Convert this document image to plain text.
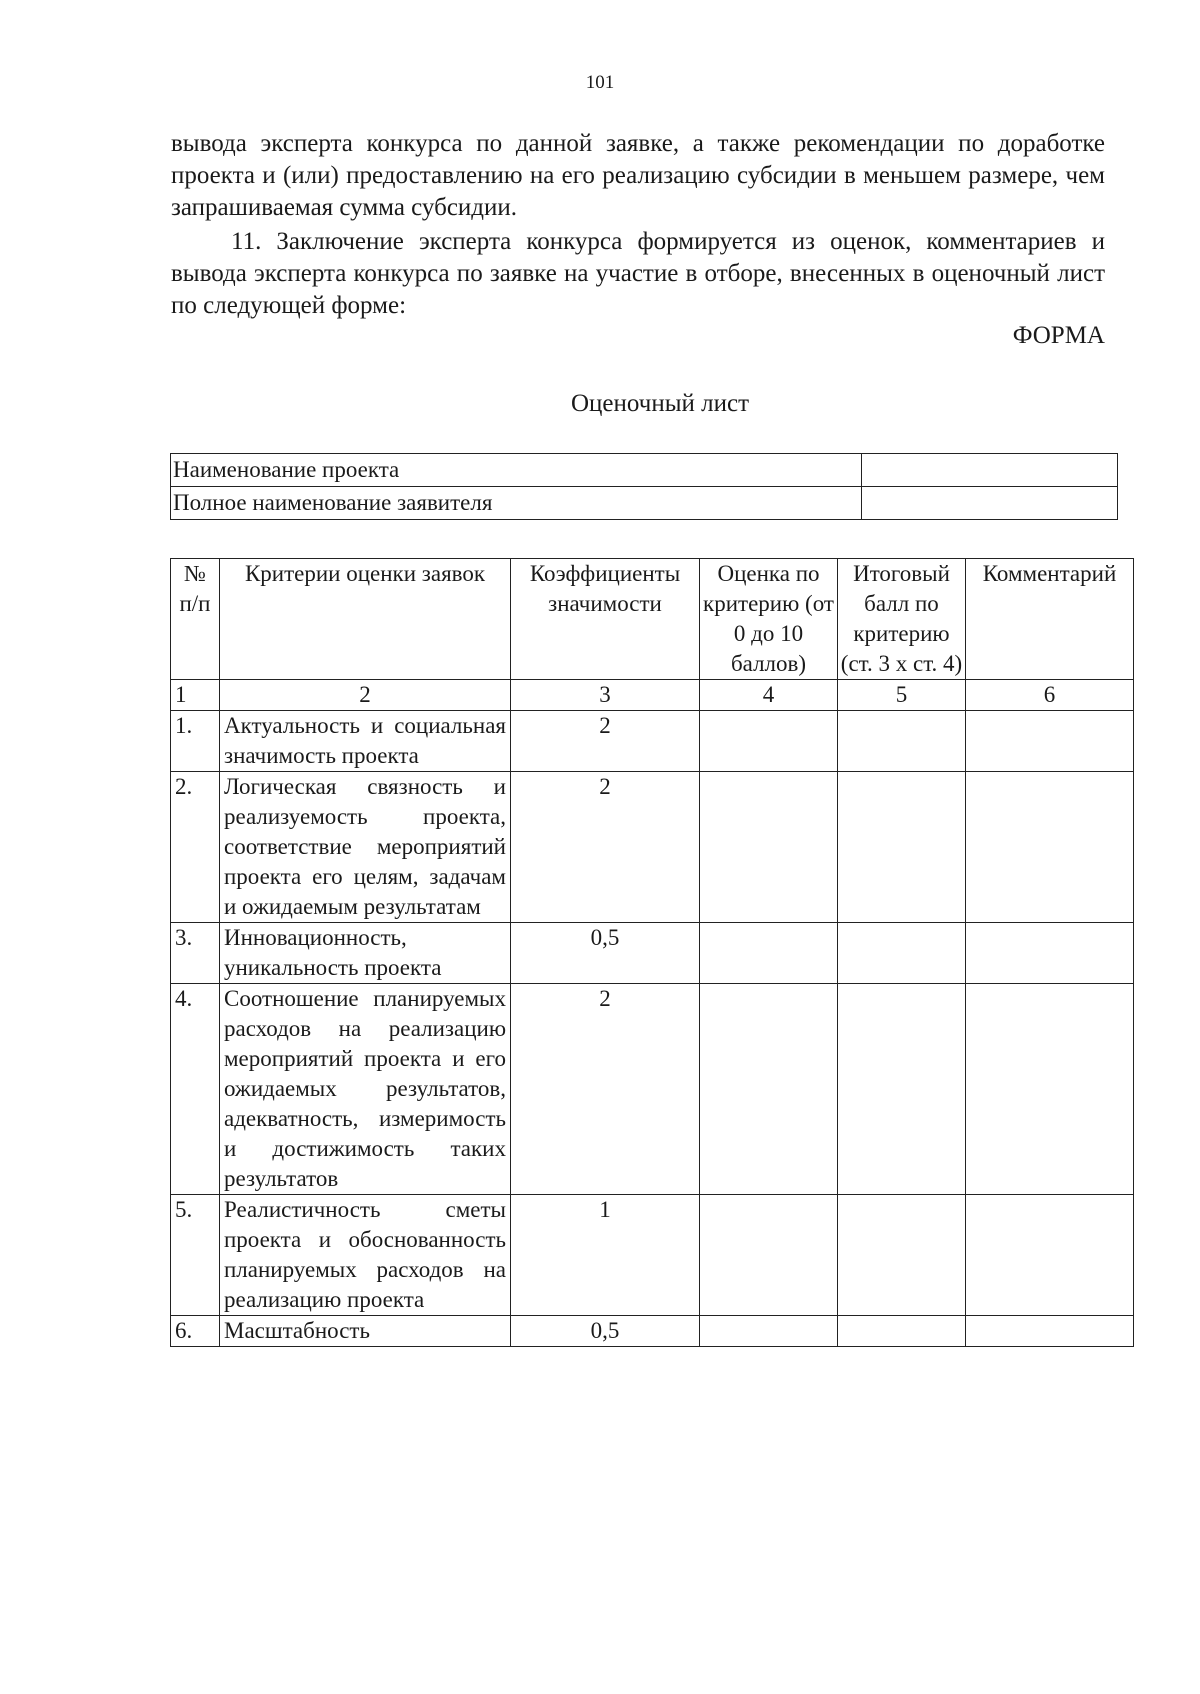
101
вывода эксперта конкурса по данной заявке, а также рекомендации по доработке проекта и (или) предоставлению на его реализацию субсидии в меньшем размере, чем запрашиваемая сумма субсидии.
11. Заключение эксперта конкурса формируется из оценок, комментариев и вывода эксперта конкурса по заявке на участие в отборе, внесенных в оценочный лист по следующей форме:
ФОРМА
Оценочный лист
Наименование проекта	
Полное наименование заявителя	
№ п/п	Критерии оценки заявок	Коэффициенты значимости	Оценка по критерию (от 0 до 10 баллов)	Итоговый балл по критерию (ст. 3 х ст. 4)	Комментарий
1	2	3	4	5	6
1.	Актуальность и социальная значимость проекта	2			
2.	Логическая связность и реализуемость проекта, соответствие мероприятий проекта его целям, задачам и ожидаемым результатам	2			
3.	Инновационность, уникальность проекта	0,5			
4.	Соотношение планируемых расходов на реализацию мероприятий проекта и его ожидаемых результатов, адекватность, измеримость и достижимость таких результатов	2			
5.	Реалистичность сметы проекта и обоснованность планируемых расходов на реализацию проекта	1			
6.	Масштабность	0,5			
